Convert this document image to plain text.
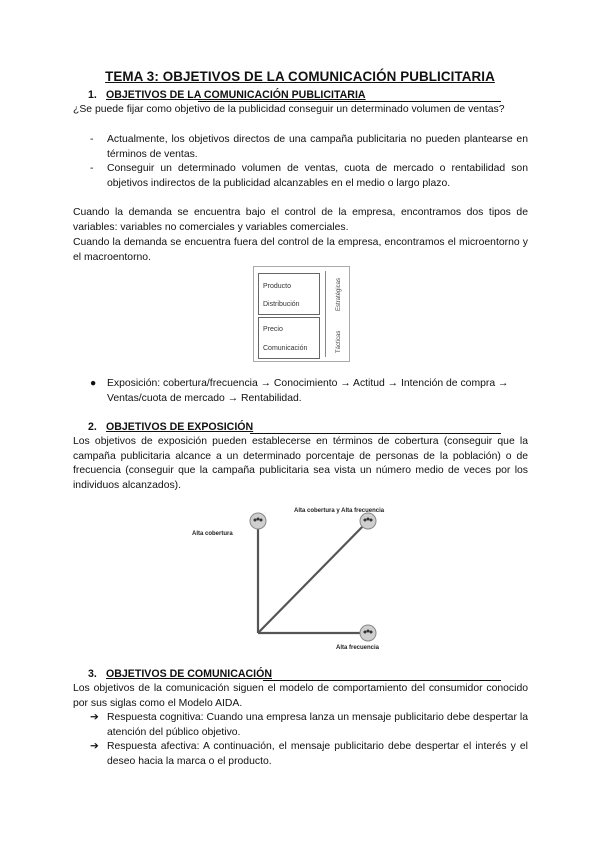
TEMA 3: OBJETIVOS DE LA COMUNICACIÓN PUBLICITARIA
1. OBJETIVOS DE LA COMUNICACIÓN PUBLICITARIA
¿Se puede fijar como objetivo de la publicidad conseguir un determinado volumen de ventas?
- Actualmente, los objetivos directos de una campaña publicitaria no pueden plantearse en términos de ventas.
- Conseguir un determinado volumen de ventas, cuota de mercado o rentabilidad son objetivos indirectos de la publicidad alcanzables en el medio o largo plazo.
Cuando la demanda se encuentra bajo el control de la empresa, encontramos dos tipos de variables: variables no comerciales y variables comerciales.
Cuando la demanda se encuentra fuera del control de la empresa, encontramos el microentorno y el macroentorno.
Producto
Distribución
Precio
Comunicación
Estratégicas
Tácticas
● Exposición: cobertura/frecuencia → Conocimiento → Actitud → Intención de compra → Ventas/cuota de mercado → Rentabilidad.
2. OBJETIVOS DE EXPOSICIÓN
Los objetivos de exposición pueden establecerse en términos de cobertura (conseguir que la campaña publicitaria alcance a un determinado porcentaje de personas de la población) o de frecuencia (conseguir que la campaña publicitaria sea vista un número medio de veces por los individuos alcanzados).
Alta cobertura
Alta cobertura y Alta frecuencia
Alta frecuencia
3. OBJETIVOS DE COMUNICACIÓN
Los objetivos de la comunicación siguen el modelo de comportamiento del consumidor conocido por sus siglas como el Modelo AIDA.
➔ Respuesta cognitiva: Cuando una empresa lanza un mensaje publicitario debe despertar la atención del público objetivo.
➔ Respuesta afectiva: A continuación, el mensaje publicitario debe despertar el interés y el deseo hacia la marca o el producto.
